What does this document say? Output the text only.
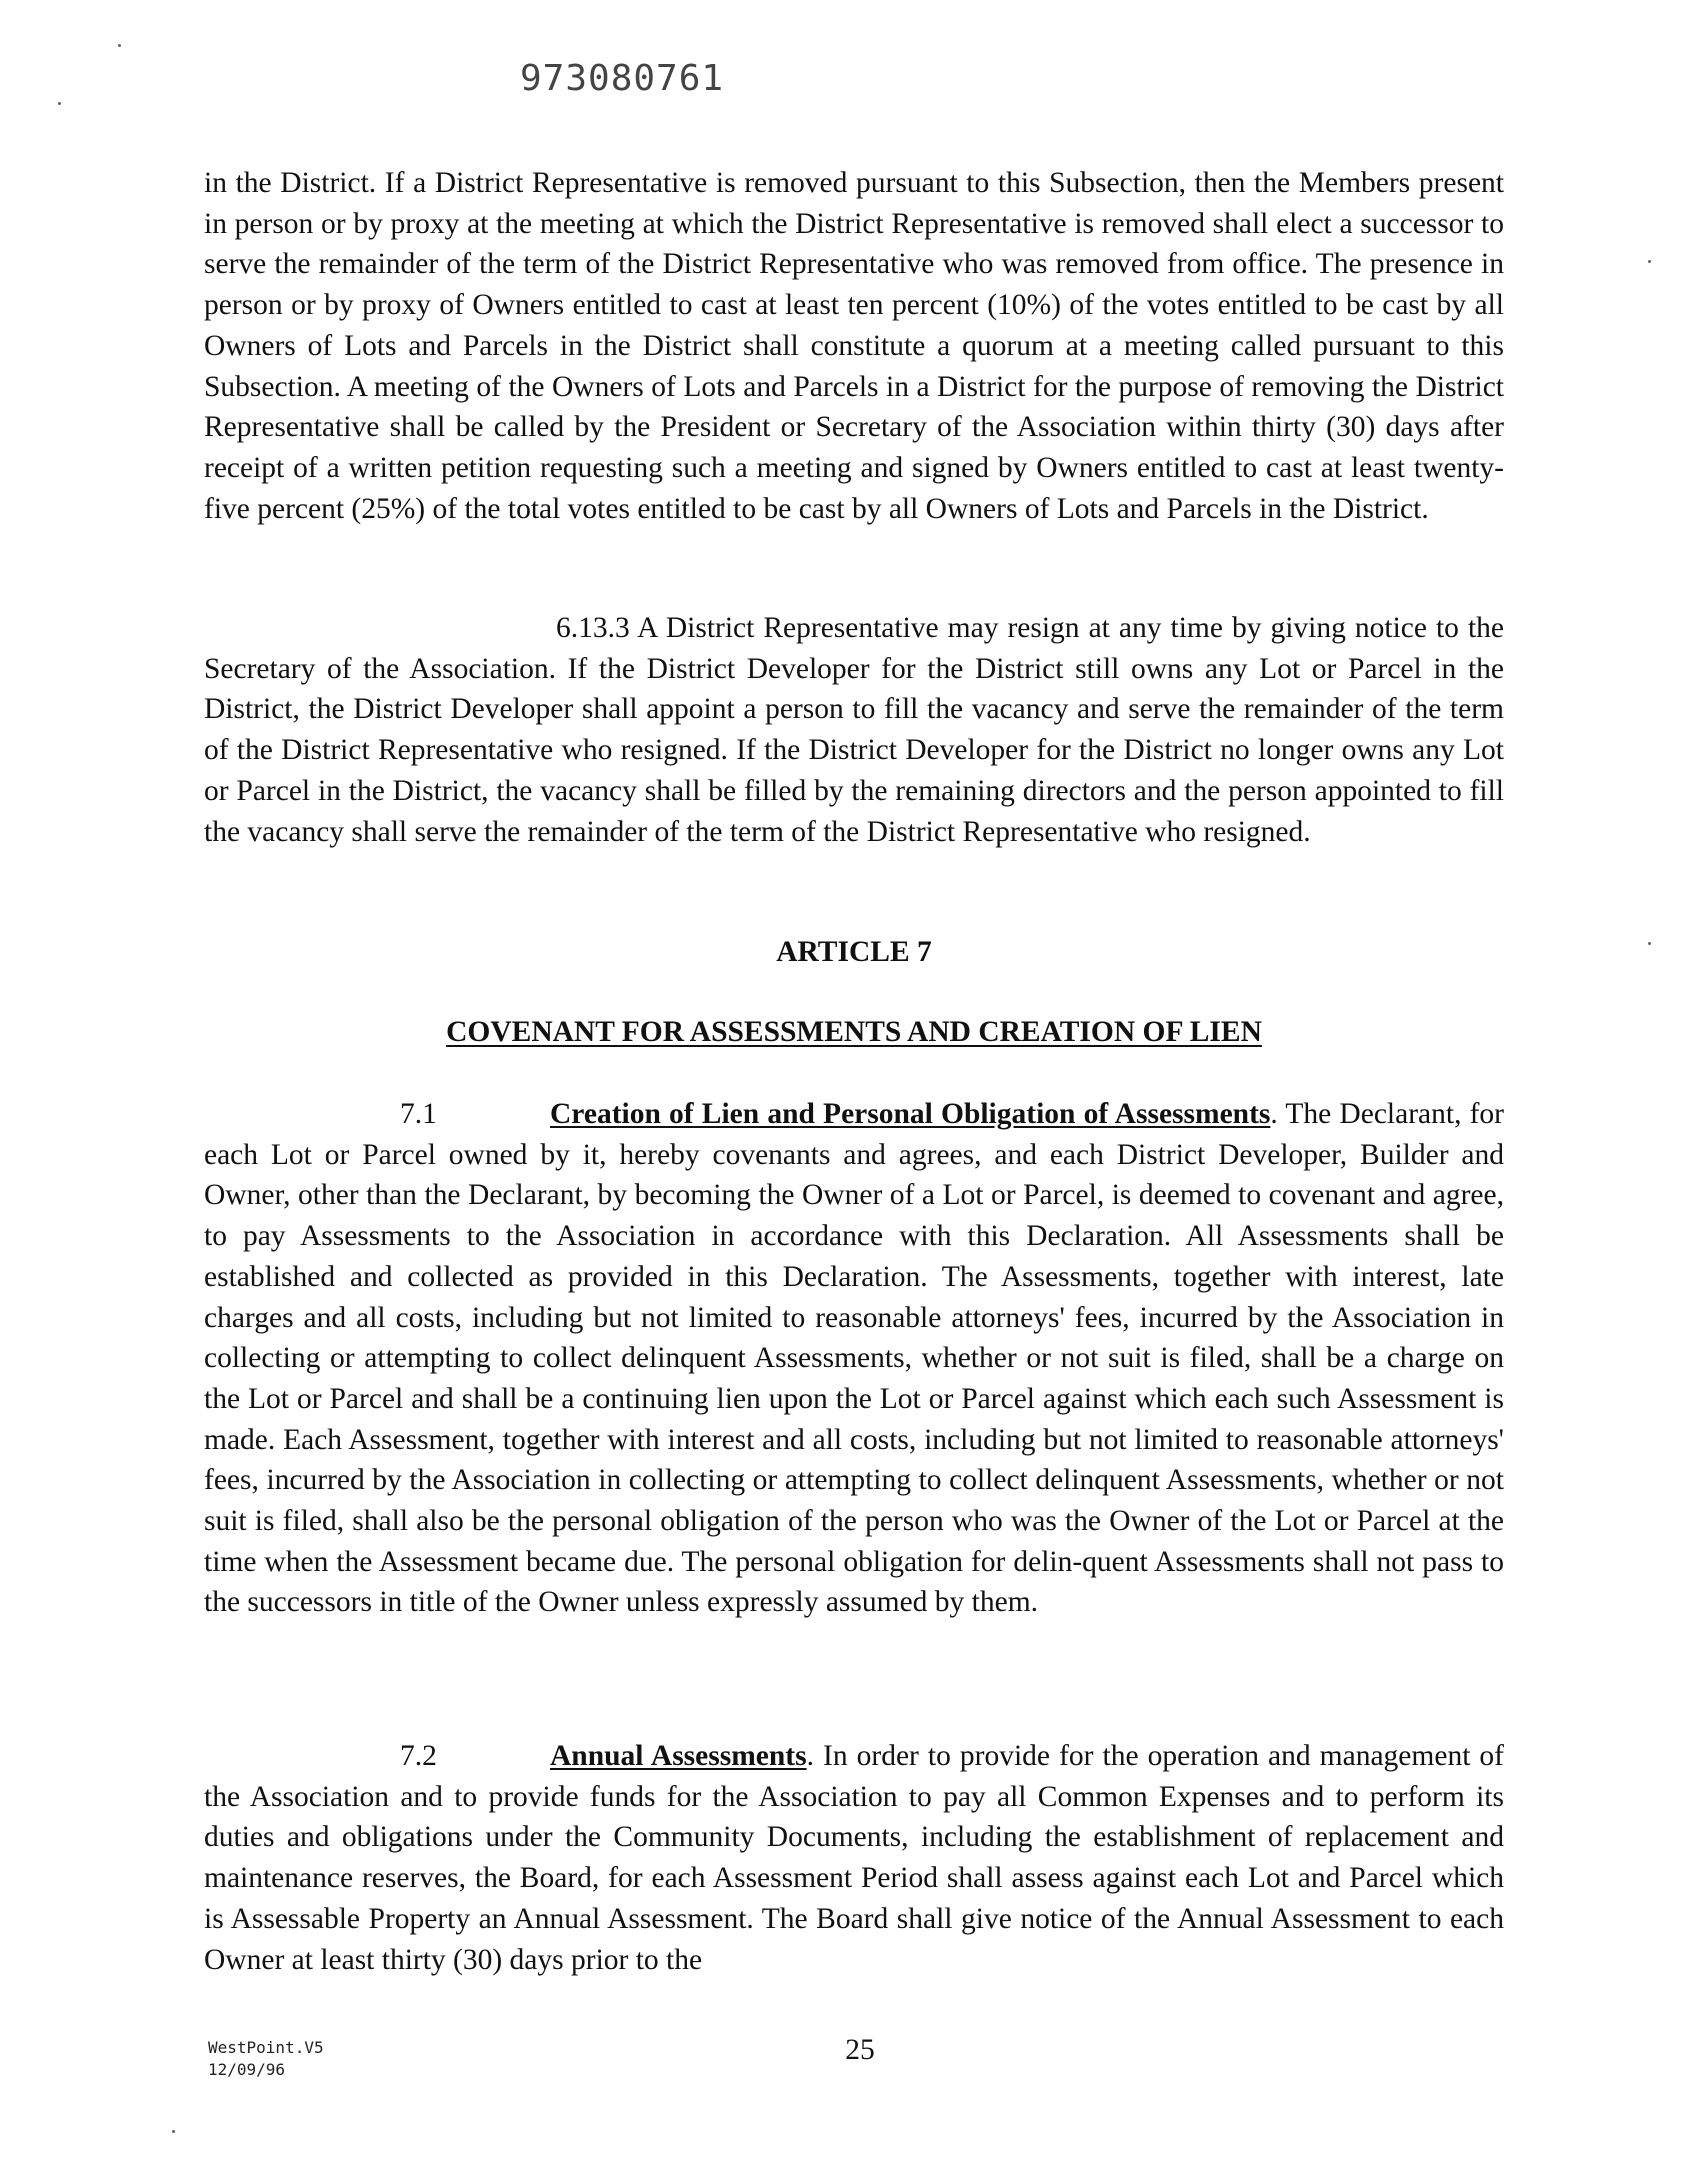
973080761

in the District. If a District Representative is removed pursuant to this Subsection, then the Members present in person or by proxy at the meeting at which the District Representative is removed shall elect a successor to serve the remainder of the term of the District Representative who was removed from office. The presence in person or by proxy of Owners entitled to cast at least ten percent (10%) of the votes entitled to be cast by all Owners of Lots and Parcels in the District shall constitute a quorum at a meeting called pursuant to this Subsection. A meeting of the Owners of Lots and Parcels in a District for the purpose of removing the District Representative shall be called by the President or Secretary of the Association within thirty (30) days after receipt of a written petition requesting such a meeting and signed by Owners entitled to cast at least twenty-five percent (25%) of the total votes entitled to be cast by all Owners of Lots and Parcels in the District.

6.13.3 A District Representative may resign at any time by giving notice to the Secretary of the Association. If the District Developer for the District still owns any Lot or Parcel in the District, the District Developer shall appoint a person to fill the vacancy and serve the remainder of the term of the District Representative who resigned. If the District Developer for the District no longer owns any Lot or Parcel in the District, the vacancy shall be filled by the remaining directors and the person appointed to fill the vacancy shall serve the remainder of the term of the District Representative who resigned.

ARTICLE 7
COVENANT FOR ASSESSMENTS AND CREATION OF LIEN

7.1	Creation of Lien and Personal Obligation of Assessments. The Declarant, for each Lot or Parcel owned by it, hereby covenants and agrees, and each District Developer, Builder and Owner, other than the Declarant, by becoming the Owner of a Lot or Parcel, is deemed to covenant and agree, to pay Assessments to the Association in accordance with this Declaration. All Assessments shall be established and collected as provided in this Declaration. The Assessments, together with interest, late charges and all costs, including but not limited to reasonable attorneys' fees, incurred by the Association in collecting or attempting to collect delinquent Assessments, whether or not suit is filed, shall be a charge on the Lot or Parcel and shall be a continuing lien upon the Lot or Parcel against which each such Assessment is made. Each Assessment, together with interest and all costs, including but not limited to reasonable attorneys' fees, incurred by the Association in collecting or attempting to collect delinquent Assessments, whether or not suit is filed, shall also be the personal obligation of the person who was the Owner of the Lot or Parcel at the time when the Assessment became due. The personal obligation for delin-quent Assessments shall not pass to the successors in title of the Owner unless expressly assumed by them.

7.2	Annual Assessments. In order to provide for the operation and management of the Association and to provide funds for the Association to pay all Common Expenses and to perform its duties and obligations under the Community Documents, including the establishment of replacement and maintenance reserves, the Board, for each Assessment Period shall assess against each Lot and Parcel which is Assessable Property an Annual Assessment. The Board shall give notice of the Annual Assessment to each Owner at least thirty (30) days prior to the

WestPoint.V5
12/09/96
25
